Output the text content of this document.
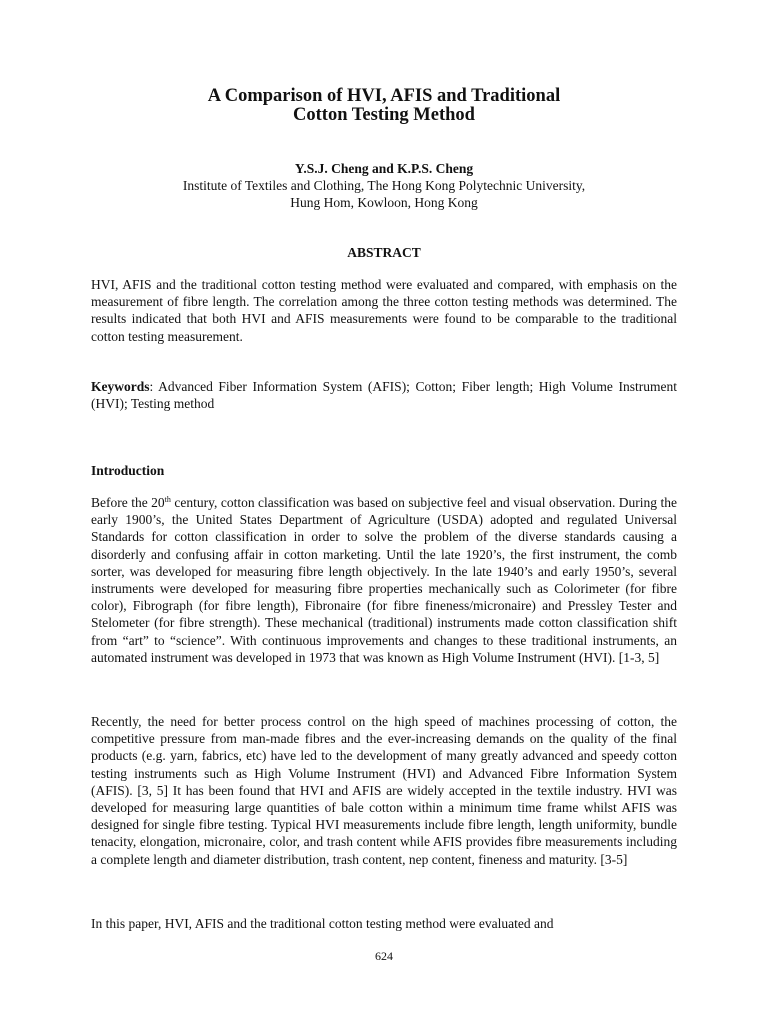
A Comparison of HVI, AFIS and Traditional
Cotton Testing Method
Y.S.J. Cheng and K.P.S. Cheng
Institute of Textiles and Clothing, The Hong Kong Polytechnic University,
Hung Hom, Kowloon, Hong Kong
ABSTRACT

HVI, AFIS and the traditional cotton testing method were evaluated and compared, with emphasis on the measurement of fibre length. The correlation among the three cotton testing methods was determined. The results indicated that both HVI and AFIS measurements were found to be comparable to the traditional cotton testing measurement.

Keywords: Advanced Fiber Information System (AFIS); Cotton; Fiber length; High Volume Instrument (HVI); Testing method

Introduction

Before the 20th century, cotton classification was based on subjective feel and visual observation. During the early 1900’s, the United States Department of Agriculture (USDA) adopted and regulated Universal Standards for cotton classification in order to solve the problem of the diverse standards causing a disorderly and confusing affair in cotton marketing. Until the late 1920’s, the first instrument, the comb sorter, was developed for measuring fibre length objectively. In the late 1940’s and early 1950’s, several instruments were developed for measuring fibre properties mechanically such as Colorimeter (for fibre color), Fibrograph (for fibre length), Fibronaire (for fibre fineness/micronaire) and Pressley Tester and Stelometer (for fibre strength). These mechanical (traditional) instruments made cotton classification shift from “art” to “science”. With continuous improvements and changes to these traditional instruments, an automated instrument was developed in 1973 that was known as High Volume Instrument (HVI). [1-3, 5]

Recently, the need for better process control on the high speed of machines processing of cotton, the competitive pressure from man-made fibres and the ever-increasing demands on the quality of the final products (e.g. yarn, fabrics, etc) have led to the development of many greatly advanced and speedy cotton testing instruments such as High Volume Instrument (HVI) and Advanced Fibre Information System (AFIS). [3, 5] It has been found that HVI and AFIS are widely accepted in the textile industry. HVI was developed for measuring large quantities of bale cotton within a minimum time frame whilst AFIS was designed for single fibre testing. Typical HVI measurements include fibre length, length uniformity, bundle tenacity, elongation, micronaire, color, and trash content while AFIS provides fibre measurements including a complete length and diameter distribution, trash content, nep content, fineness and maturity. [3-5]

In this paper, HVI, AFIS and the traditional cotton testing method were evaluated and

624
